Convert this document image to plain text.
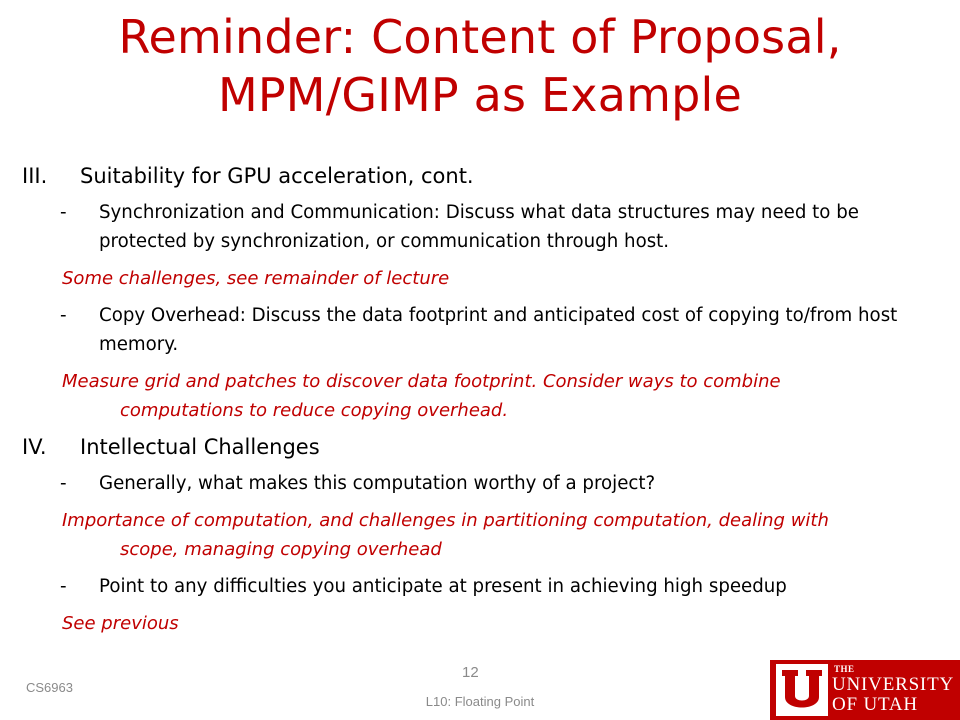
Reminder: Content of Proposal,
MPM/GIMP as Example
III.	Suitability for GPU acceleration, cont.
-	Synchronization and Communication: Discuss what data structures may need to be protected by synchronization, or communication through host.
Some challenges, see remainder of lecture
-	Copy Overhead: Discuss the data footprint and anticipated cost of copying to/from host memory.
Measure grid and patches to discover data footprint. Consider ways to combine computations to reduce copying overhead.
IV.	Intellectual Challenges
-	Generally, what makes this computation worthy of a project?
Importance of computation, and challenges in partitioning computation, dealing with scope, managing copying overhead
-	Point to any difficulties you anticipate at present in achieving high speedup
See previous
CS6963
12
L10: Floating Point
THE
UNIVERSITY
OF UTAH
